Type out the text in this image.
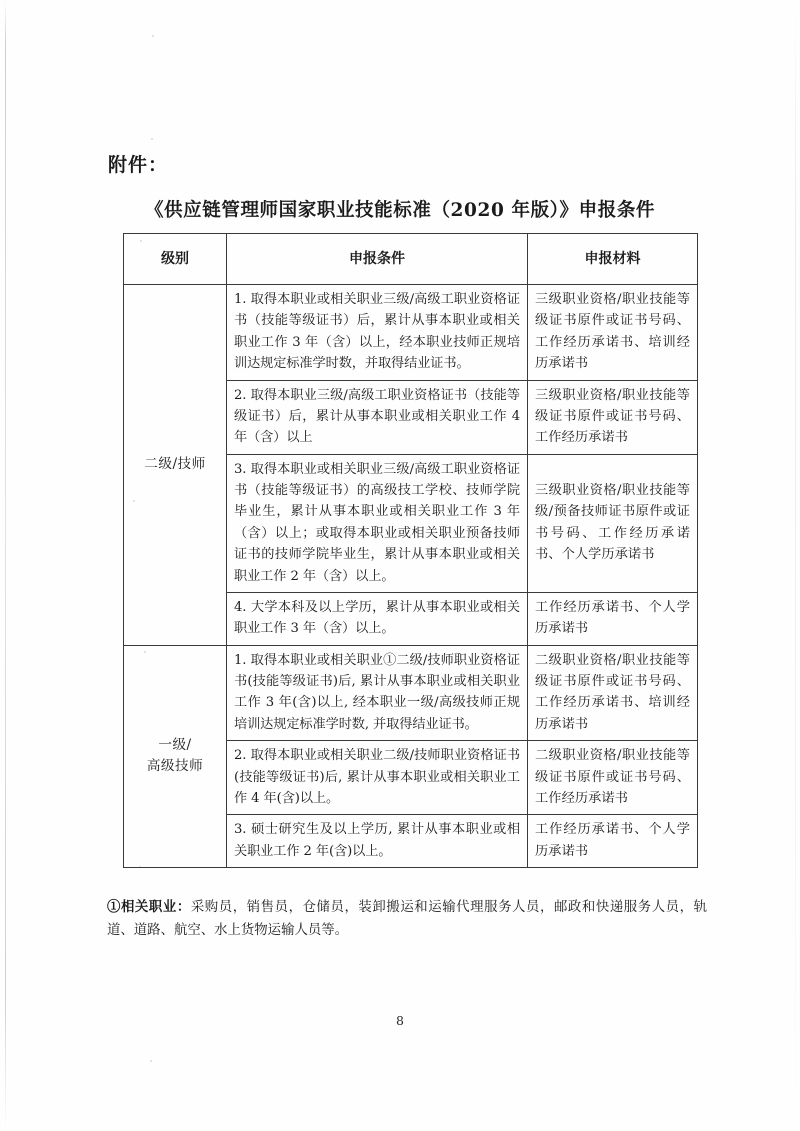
附件：
《供应链管理师国家职业技能标准（2020 年版）》申报条件
级别	申报条件	申报材料
二级/技师	1. 取得本职业或相关职业三级/高级工职业资格证书（技能等级证书）后，累计从事本职业或相关职业工作 3 年（含）以上，经本职业技师正规培训达规定标准学时数，并取得结业证书。	三级职业资格/职业技能等级证书原件或证书号码、工作经历承诺书、培训经历承诺书
	2. 取得本职业三级/高级工职业资格证书（技能等级证书）后，累计从事本职业或相关职业工作 4 年（含）以上	三级职业资格/职业技能等级证书原件或证书号码、工作经历承诺书
	3. 取得本职业或相关职业三级/高级工职业资格证书（技能等级证书）的高级技工学校、技师学院毕业生，累计从事本职业或相关职业工作 3 年（含）以上；或取得本职业或相关职业预备技师证书的技师学院毕业生，累计从事本职业或相关职业工作 2 年（含）以上。	三级职业资格/职业技能等级/预备技师证书原件或证书号码、工作经历承诺书、个人学历承诺书
	4. 大学本科及以上学历，累计从事本职业或相关职业工作 3 年（含）以上。	工作经历承诺书、个人学历承诺书

一级/
高级技师	1. 取得本职业或相关职业①二级/技师职业资格证书(技能等级证书)后, 累计从事本职业或相关职业工作 3 年(含)以上, 经本职业一级/高级技师正规培训达规定标准学时数, 并取得结业证书。	二级职业资格/职业技能等级证书原件或证书号码、工作经历承诺书、培训经历承诺书
	2. 取得本职业或相关职业二级/技师职业资格证书(技能等级证书)后, 累计从事本职业或相关职业工作 4 年(含)以上。	二级职业资格/职业技能等级证书原件或证书号码、工作经历承诺书
	3. 硕士研究生及以上学历, 累计从事本职业或相关职业工作 2 年(含)以上。	工作经历承诺书、个人学历承诺书
①相关职业：采购员，销售员，仓储员，装卸搬运和运输代理服务人员，邮政和快递服务人员，轨道、道路、航空、水上货物运输人员等。
8
